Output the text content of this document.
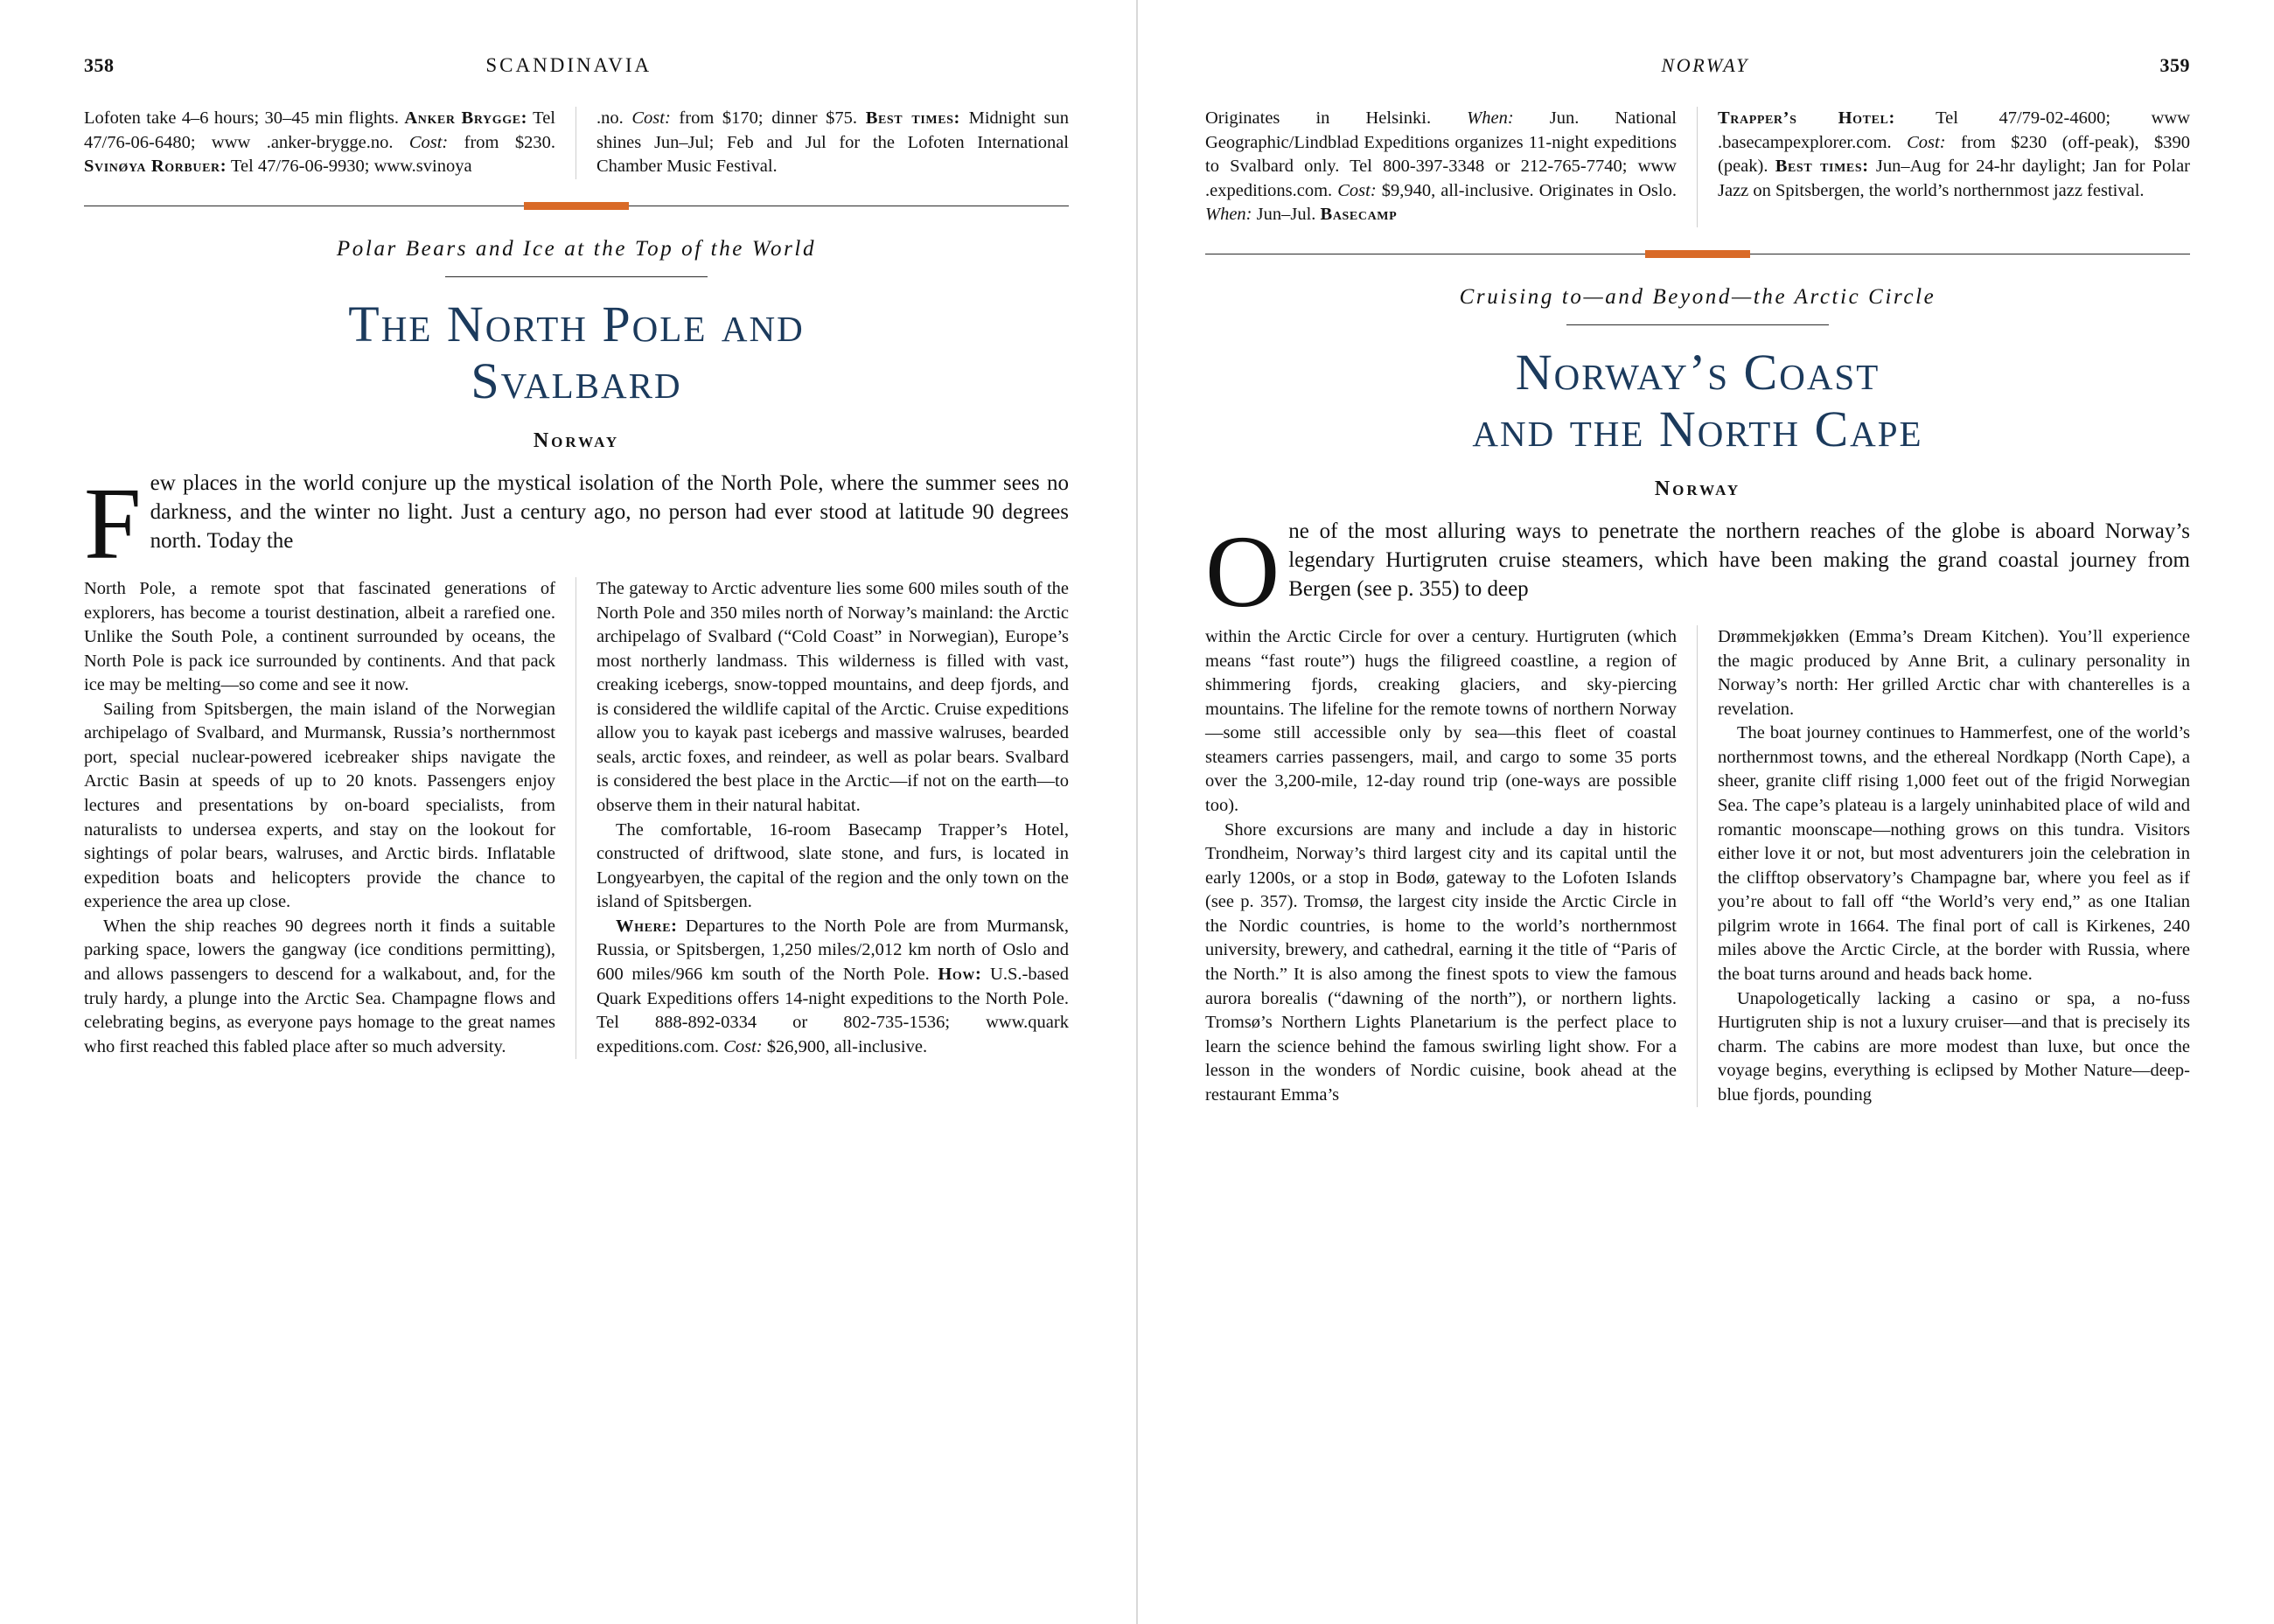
358	SCANDINAVIA

Lofoten take 4–6 hours; 30–45 min flights. Anker Brygge: Tel 47/76-06-6480; www .anker-brygge.no. Cost: from $230. Svinøya Rorbuer: Tel 47/76-06-9930; www.svinoya

.no. Cost: from $170; dinner $75. Best times: Midnight sun shines Jun–Jul; Feb and Jul for the Lofoten International Chamber Music Festival.

Polar Bears and Ice at the Top of the World
The North Pole and
Svalbard
Norway
Few places in the world conjure up the mystical isolation of the North Pole, where the summer sees no darkness, and the winter no light. Just a century ago, no person had ever stood at latitude 90 degrees north. Today the

North Pole, a remote spot that fascinated generations of explorers, has become a tourist destination, albeit a rarefied one. Unlike the South Pole, a continent surrounded by oceans, the North Pole is pack ice surrounded by continents. And that pack ice may be melting—so come and see it now.

Sailing from Spitsbergen, the main island of the Norwegian archipelago of Svalbard, and Murmansk, Russia’s northernmost port, special nuclear-powered icebreaker ships navigate the Arctic Basin at speeds of up to 20 knots. Passengers enjoy lectures and presentations by on-board specialists, from naturalists to undersea experts, and stay on the lookout for sightings of polar bears, walruses, and Arctic birds. Inflatable expedition boats and helicopters provide the chance to experience the area up close.

When the ship reaches 90 degrees north it finds a suitable parking space, lowers the gangway (ice conditions permitting), and allows passengers to descend for a walkabout, and, for the truly hardy, a plunge into the Arctic Sea. Champagne flows and celebrating begins, as everyone pays homage to the great names who first reached this fabled place after so much adversity.

The gateway to Arctic adventure lies some 600 miles south of the North Pole and 350 miles north of Norway’s mainland: the Arctic archipelago of Svalbard (“Cold Coast” in Norwegian), Europe’s most northerly landmass. This wilderness is filled with vast, creaking icebergs, snow-topped mountains, and deep fjords, and is considered the wildlife capital of the Arctic. Cruise expeditions allow you to kayak past icebergs and massive walruses, bearded seals, arctic foxes, and reindeer, as well as polar bears. Svalbard is considered the best place in the Arctic—if not on the earth—to observe them in their natural habitat.

The comfortable, 16-room Basecamp Trapper’s Hotel, constructed of driftwood, slate stone, and furs, is located in Longyearbyen, the capital of the region and the only town on the island of Spitsbergen.

Where: Departures to the North Pole are from Murmansk, Russia, or Spitsbergen, 1,250 miles/2,012 km north of Oslo and 600 miles/966 km south of the North Pole. How: U.S.-based Quark Expeditions offers 14-night expeditions to the North Pole. Tel 888-892-0334 or 802-735-1536; www.quark expeditions.com. Cost: $26,900, all-inclusive.

NORWAY	359

Originates in Helsinki. When: Jun. National Geographic/Lindblad Expeditions organizes 11-night expeditions to Svalbard only. Tel 800-397-3348 or 212-765-7740; www .expeditions.com. Cost: $9,940, all-inclusive. Originates in Oslo. When: Jun–Jul. Basecamp

Trapper’s Hotel: Tel 47/79-02-4600; www .basecampexplorer.com. Cost: from $230 (off-peak), $390 (peak). Best times: Jun–Aug for 24-hr daylight; Jan for Polar Jazz on Spitsbergen, the world’s northernmost jazz festival.

Cruising to—and Beyond—the Arctic Circle
Norway’s Coast
and the North Cape
Norway
One of the most alluring ways to penetrate the northern reaches of the globe is aboard Norway’s legendary Hurtigruten cruise steamers, which have been making the grand coastal journey from Bergen (see p. 355) to deep

within the Arctic Circle for over a century. Hurtigruten (which means “fast route”) hugs the filigreed coastline, a region of shimmering fjords, creaking glaciers, and sky-piercing mountains. The lifeline for the remote towns of northern Norway—some still accessible only by sea—this fleet of coastal steamers carries passengers, mail, and cargo to some 35 ports over the 3,200-mile, 12-day round trip (one-ways are possible too).

Shore excursions are many and include a day in historic Trondheim, Norway’s third largest city and its capital until the early 1200s, or a stop in Bodø, gateway to the Lofoten Islands (see p. 357). Tromsø, the largest city inside the Arctic Circle in the Nordic countries, is home to the world’s northernmost university, brewery, and cathedral, earning it the title of “Paris of the North.” It is also among the finest spots to view the famous aurora borealis (“dawning of the north”), or northern lights. Tromsø’s Northern Lights Planetarium is the perfect place to learn the science behind the famous swirling light show. For a lesson in the wonders of Nordic cuisine, book ahead at the restaurant Emma’s

Drømmekjøkken (Emma’s Dream Kitchen). You’ll experience the magic produced by Anne Brit, a culinary personality in Norway’s north: Her grilled Arctic char with chanterelles is a revelation.

The boat journey continues to Hammerfest, one of the world’s northernmost towns, and the ethereal Nordkapp (North Cape), a sheer, granite cliff rising 1,000 feet out of the frigid Norwegian Sea. The cape’s plateau is a largely uninhabited place of wild and romantic moonscape—nothing grows on this tundra. Visitors either love it or not, but most adventurers join the celebration in the clifftop observatory’s Champagne bar, where you feel as if you’re about to fall off “the World’s very end,” as one Italian pilgrim wrote in 1664. The final port of call is Kirkenes, 240 miles above the Arctic Circle, at the border with Russia, where the boat turns around and heads back home.

Unapologetically lacking a casino or spa, a no-fuss Hurtigruten ship is not a luxury cruiser—and that is precisely its charm. The cabins are more modest than luxe, but once the voyage begins, everything is eclipsed by Mother Nature—deep-blue fjords, pounding
